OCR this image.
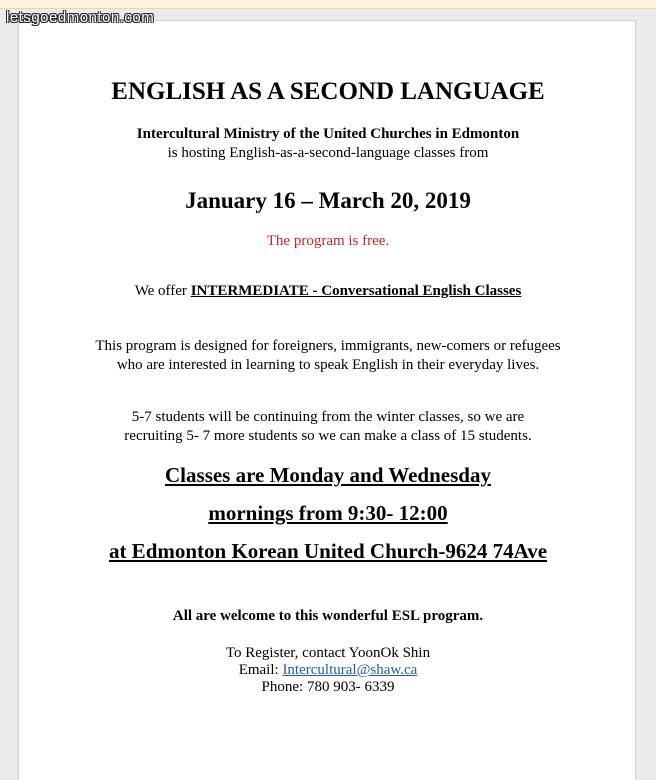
letsgoedmonton.com

ENGLISH AS A SECOND LANGUAGE

Intercultural Ministry of the United Churches in Edmonton

is hosting English-as-a-second-language classes from

January 16 – March 20, 2019

The program is free.

We offer INTERMEDIATE - Conversational English Classes

This program is designed for foreigners, immigrants, new-comers or refugees
who are interested in learning to speak English in their everyday lives.

5-7 students will be continuing from the winter classes, so we are
recruiting 5- 7 more students so we can make a class of 15 students.

Classes are Monday and Wednesday

mornings from 9:30- 12:00

at Edmonton Korean United Church-9624 74Ave

All are welcome to this wonderful ESL program.

To Register, contact YoonOk Shin
Email: Intercultural@shaw.ca
Phone: 780 903- 6339
